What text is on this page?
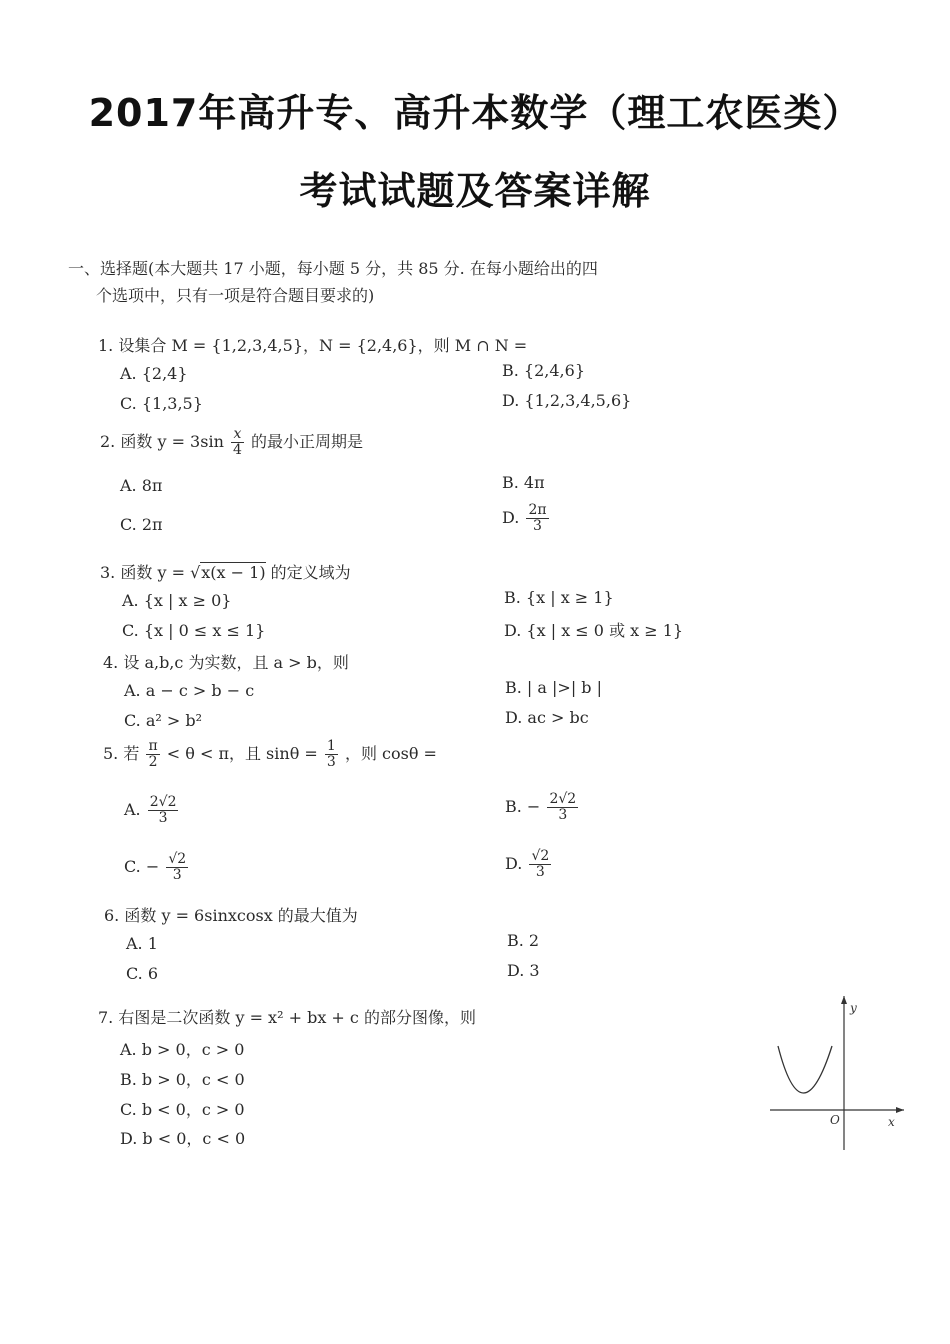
2017年高升专、高升本数学（理工农医类）
考试试题及答案详解
一、选择题(本大题共 17 小题，每小题 5 分，共 85 分. 在每小题给出的四
个选项中，只有一项是符合题目要求的)
1. 设集合 M = {1,2,3,4,5}，N = {2,4,6}，则 M ∩ N =
A. {2,4}	B. {2,4,6}
C. {1,3,5}	D. {1,2,3,4,5,6}
2. 函数 $y = 3\sin \frac{x}{4}$ 的最小正周期是
A. 8π	B. 4π
C. 2π	D. $\frac{2\pi}{3}$
3. 函数 y = √x(x − 1) 的定义域为
A. {x | x ≥ 0}	B. {x | x ≥ 1}
C. {x | 0 ≤ x ≤ 1}	D. {x | x ≤ 0 或 x ≥ 1}
4. 设 a,b,c 为实数，且 a > b，则
A. a − c > b − c	B. | a |>| b |
C. a² > b²	D. ac > bc
5. 若 $\frac{\pi}{2} < \theta < \pi$，且 $\sin\theta = \frac{1}{3}$ ，则 cosθ =
A. $\frac{2√2}{3}$	B. − $\frac{2√2}{3}$
C. − $\frac{√2}{3}$	D. $\frac{√2}{3}$
6. 函数 y = 6sinxcosx 的最大值为
A. 1	B. 2
C. 6	D. 3
7. 右图是二次函数 y = x² + bx + c 的部分图像，则
A. b > 0，c > 0
B. b > 0，c < 0
C. b < 0，c > 0
D. b < 0，c < 0
y
x
O
